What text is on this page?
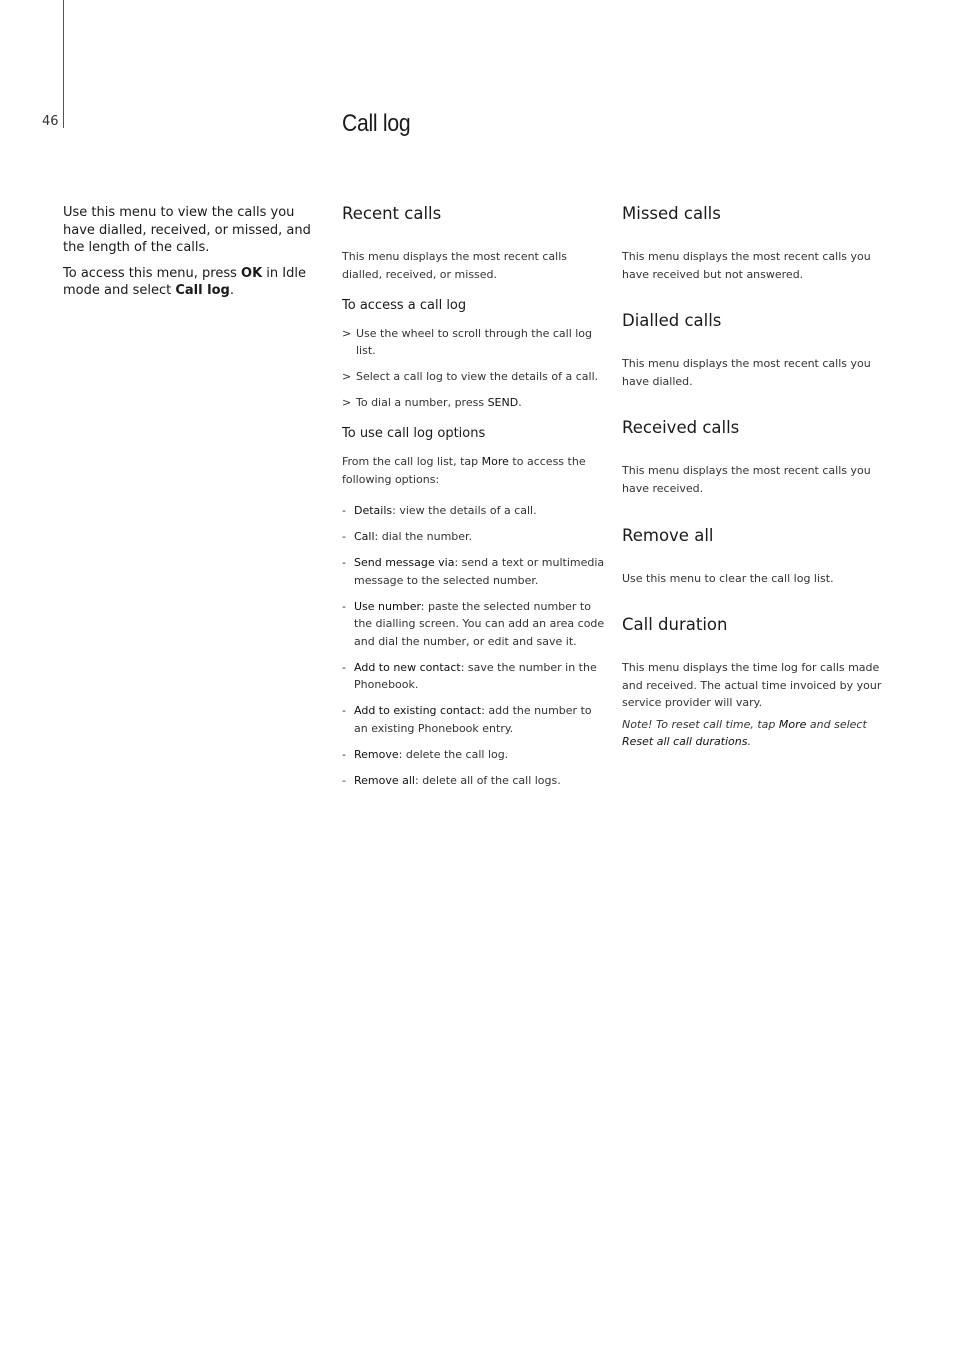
46	Call log

Use this menu to view the calls you have dialled, received, or missed, and the length of the calls.

To access this menu, press OK in Idle mode and select Call log.

Recent calls

This menu displays the most recent calls dialled, received, or missed.

To access a call log
> Use the wheel to scroll through the call log list.
> Select a call log to view the details of a call.
> To dial a number, press SEND.
To use call log options

From the call log list, tap More to access the following options:

- Details: view the details of a call.
- Call: dial the number.
- Send message via: send a text or multimedia message to the selected number.
- Use number: paste the selected number to the dialling screen. You can add an area code and dial the number, or edit and save it.
- Add to new contact: save the number in the Phonebook.
- Add to existing contact: add the number to an existing Phonebook entry.
- Remove: delete the call log.
- Remove all: delete all of the call logs.
Missed calls

This menu displays the most recent calls you have received but not answered.

Dialled calls

This menu displays the most recent calls you have dialled.

Received calls

This menu displays the most recent calls you have received.

Remove all

Use this menu to clear the call log list.

Call duration

This menu displays the time log for calls made and received. The actual time invoiced by your service provider will vary.

Note! To reset call time, tap More and select Reset all call durations.
